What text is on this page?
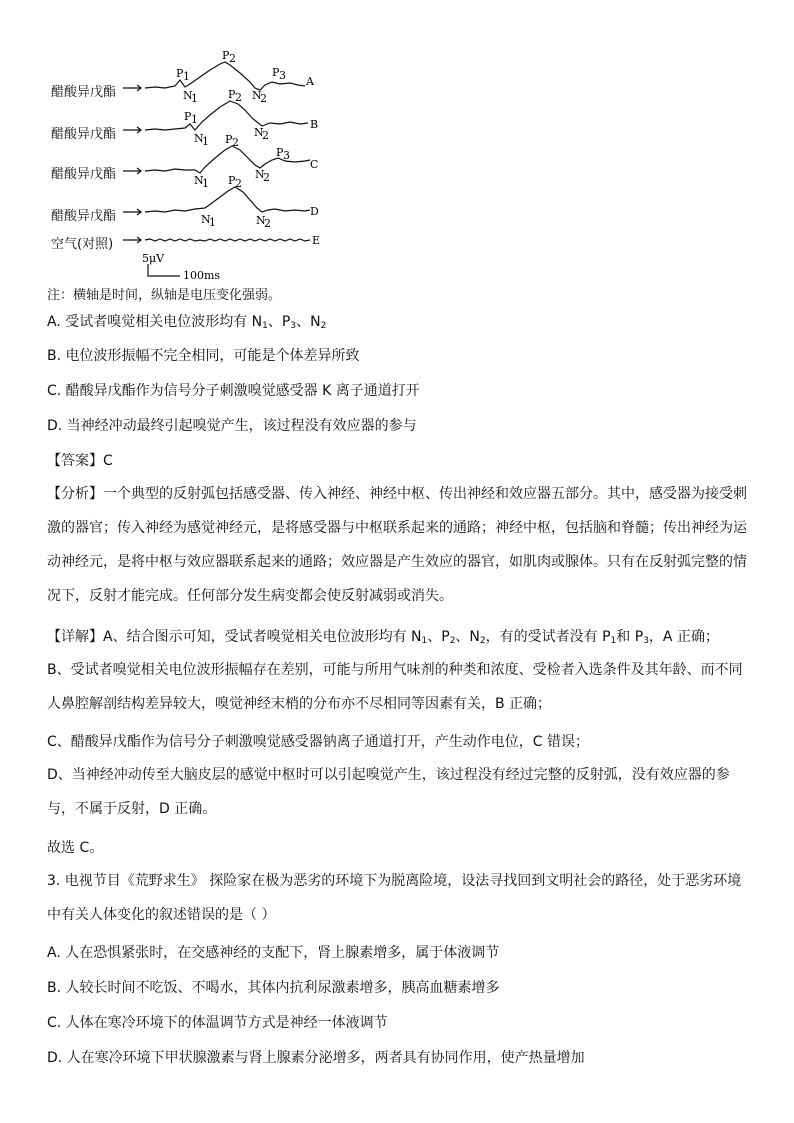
醋酸异戊酯
醋酸异戊酯
醋酸异戊酯
醋酸异戊酯
空气(对照)
P 1
P 2
P 3
N
1	N
2
A
P 1
P 2
N
1
N
2
B
P 2
P 3
N
1
N
2
C
P 2
N
1	N
2
D
E
5μV
100ms
注：横轴是时间，纵轴是电压变化强弱。
A. 受试者嗅觉相关电位波形均有 $N_1$、$P_3$、$N_2$
B. 电位波形振幅不完全相同，可能是个体差异所致
C. 醋酸异戊酯作为信号分子刺激嗅觉感受器 K 离子通道打开
D. 当神经冲动最终引起嗅觉产生，该过程没有效应器的参与
【答案】C
【分析】一个典型的反射弧包括感受器、传入神经、神经中枢、传出神经和效应器五部分。其中，感受器为接受刺激的器官；传入神经为感觉神经元，是将感受器与中枢联系起来的通路；神经中枢，包括脑和脊髓；传出神经为运动神经元，是将中枢与效应器联系起来的通路；效应器是产生效应的器官，如肌肉或腺体。只有在反射弧完整的情况下，反射才能完成。任何部分发生病变都会使反射减弱或消失。
【详解】A、结合图示可知，受试者嗅觉相关电位波形均有 $N_1$、$P_2$、$N_2$，有的受试者没有 $P_1$和 $P_3$，A 正确；
B、受试者嗅觉相关电位波形振幅存在差别，可能与所用气味剂的种类和浓度、受检者入选条件及其年龄、而不同人鼻腔解剖结构差异较大，嗅觉神经末梢的分布亦不尽相同等因素有关，B 正确；
C、醋酸异戊酯作为信号分子刺激嗅觉感受器钠离子通道打开，产生动作电位，C 错误；
D、当神经冲动传至大脑皮层的感觉中枢时可以引起嗅觉产生，该过程没有经过完整的反射弧，没有效应器的参与，不属于反射，D 正确。
故选 C。
3. 电视节目《荒野求生》 探险家在极为恶劣的环境下为脱离险境，设法寻找回到文明社会的路径，处于恶劣环境中有关人体变化的叙述错误的是（ ）
A. 人在恐惧紧张时，在交感神经的支配下，肾上腺素增多，属于体液调节
B. 人较长时间不吃饭、不喝水，其体内抗利尿激素增多，胰高血糖素增多
C. 人体在寒冷环境下的体温调节方式是神经一体液调节
D. 人在寒冷环境下甲状腺激素与肾上腺素分泌增多，两者具有协同作用，使产热量增加
